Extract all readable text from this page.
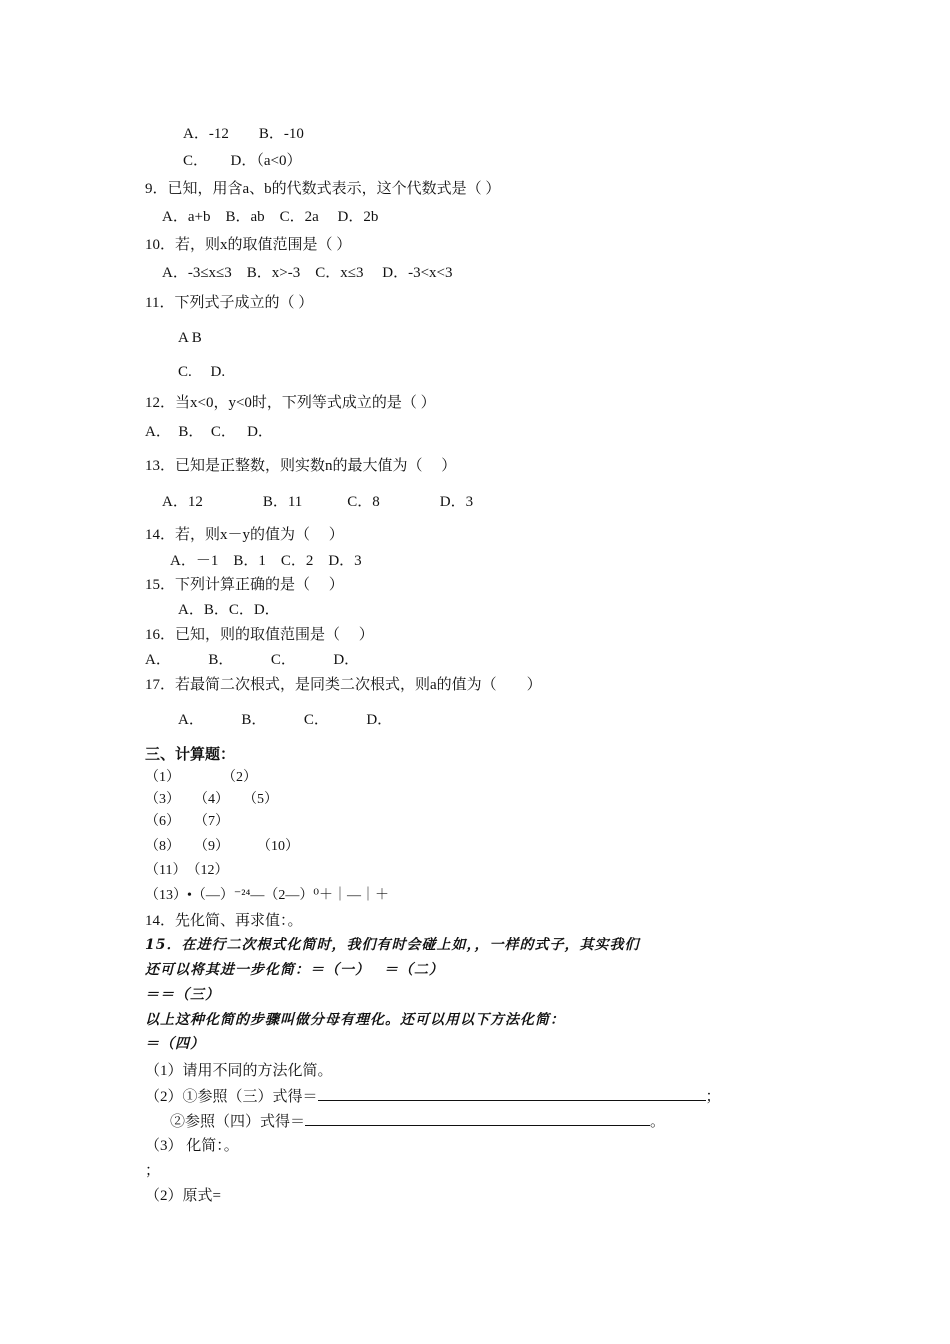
A．-12　　B．-10
C．　　D．（a<0）
9．已知，用含a、b的代数式表示，这个代数式是（ ）
A．a+b　B．ab　C．2a　 D．2b
10．若，则x的取值范围是（ ）
A．-3≤x≤3　B．x>-3　C．x≤3　 D．-3<x<3
11．下列式子成立的（ ）
A B
C.　 D.
12．当x<0，y<0时，下列等式成立的是（ ）
A．　B．　C．　 D．
13．已知是正整数，则实数n的最大值为（　 ）
A．12　　　　B．11　　　C．8　　　　D．3
14．若，则x－y的值为（　 ）
A．－1　B．1　C．2　D．3
15．下列计算正确的是（　 ）
A．B．C．D．
16．已知，则的取值范围是（　 ）
A．　　　B．　　　C．　　　D．
17．若最简二次根式，是同类二次根式，则a的值为（　　）
A．　　　B．　　　C．　　　D．
三、计算题：
（1）　　　　（2）
（3）　　（4）　　（5）
（6）　　（7）
（8）　　（9）　　　（10）
（11）　（12）
（13）•（—）⁻²⁴—（2—）⁰＋｜—｜＋
14．先化简、再求值：。
15．在进行二次根式化简时，我们有时会碰上如，，一样的式子，其实我们
还可以将其进一步化简：＝（一）　 ＝（二）
＝＝（三）
以上这种化简的步骤叫做分母有理化。还可以用以下方法化简：
＝（四）
（1）请用不同的方法化简。
（2）①参照（三）式得＝	；
②参照（四）式得＝	。
（3） 化简：。
；
（2）原式=
